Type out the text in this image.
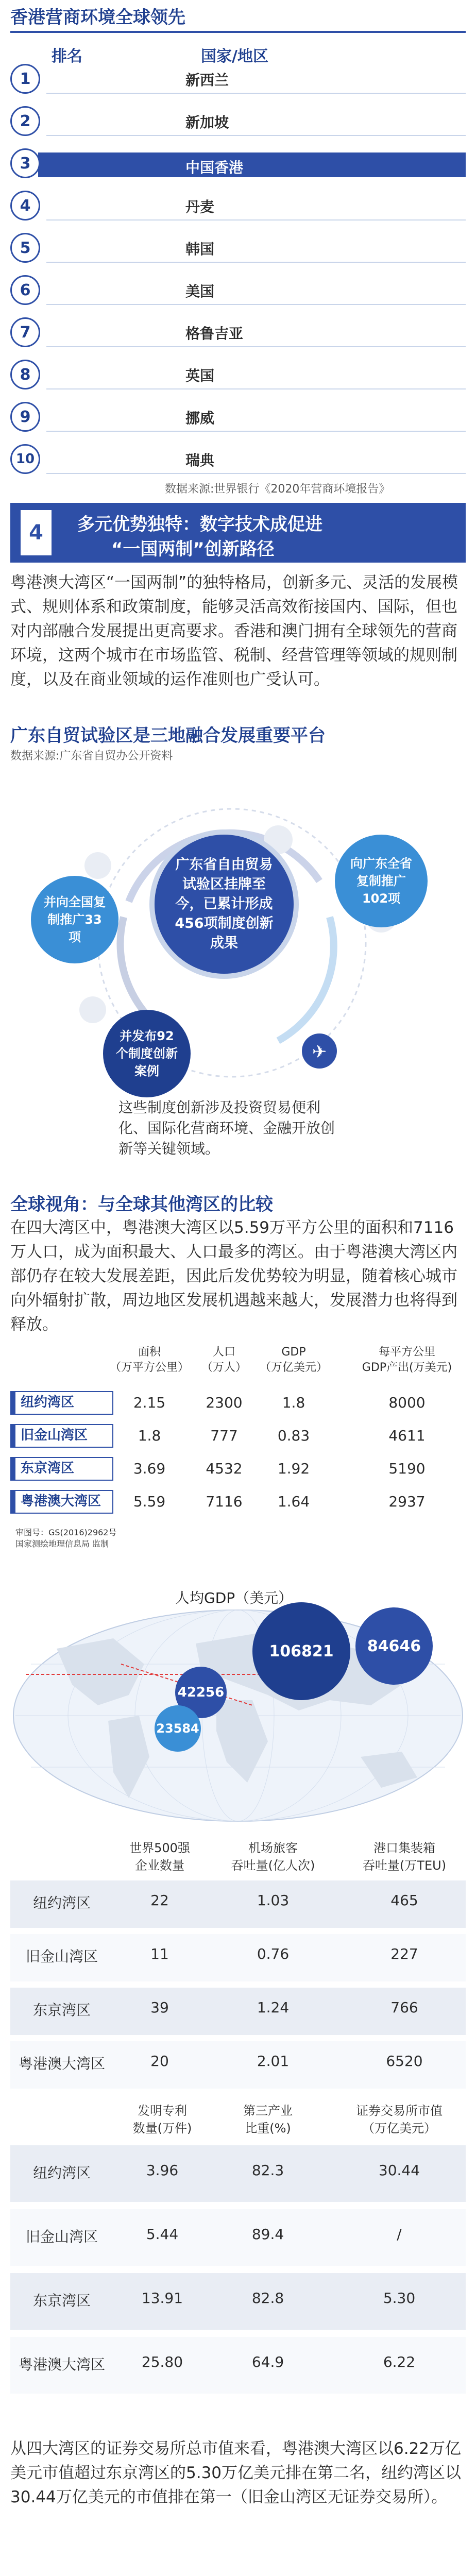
香港营商环境全球领先
排名	国家/地区
1	新西兰
2	新加坡
3	中国香港
4	丹麦
5	韩国
6	美国
7	格鲁吉亚
8	英国
9	挪威
10	瑞典
数据来源:世界银行《2020年营商环境报告》
4	多元优势独特：数字技术成促进
“一国两制”创新路径
粤港澳大湾区“一国两制”的独特格局，创新多元、灵活的发展模式、规则体系和政策制度，能够灵活高效衔接国内、国际，但也对内部融合发展提出更高要求。香港和澳门拥有全球领先的营商环境，这两个城市在市场监管、税制、经营管理等领域的规则制度，以及在商业领域的运作准则也广受认可。
广东自贸试验区是三地融合发展重要平台
数据来源:广东省自贸办公开资料
✈
广东省自由贸易试验区挂牌至今，已累计形成456项制度创新成果
并向全国复制推广33项
向广东全省复制推广102项
并发布92个制度创新案例
这些制度创新涉及投资贸易便利化、国际化营商环境、金融开放创新等关键领域。
全球视角：与全球其他湾区的比较
在四大湾区中，粤港澳大湾区以5.59万平方公里的面积和7116万人口，成为面积最大、人口最多的湾区。由于粤港澳大湾区内部仍存在较大发展差距，因此后发优势较为明显，随着核心城市向外辐射扩散，周边地区发展机遇越来越大，发展潜力也将得到释放。
面积
（万平方公里）
人口
（万人）
GDP
（万亿美元）
每平方公里
GDP产出(万美元)
纽约湾区	2.15	2300	1.8	8000
旧金山湾区	1.8	777	0.83	4611
东京湾区	3.69	4532	1.92	5190
粤港澳大湾区	5.59	7116	1.64	2937
审图号：GS(2016)2962号
国家测绘地理信息局 监制
人均GDP（美元）
42256
106821	84646
23584
世界500强
企业数量
机场旅客
吞吐量(亿人次)
港口集装箱
吞吐量(万TEU)
纽约湾区	22	1.03	465
旧金山湾区	11	0.76	227
东京湾区	39	1.24	766
粤港澳大湾区	20	2.01	6520
发明专利
数量(万件)
第三产业
比重(%)
证券交易所市值
（万亿美元）
纽约湾区	3.96	82.3	30.44
旧金山湾区	5.44	89.4	/
东京湾区	13.91	82.8	5.30
粤港澳大湾区	25.80	64.9	6.22
从四大湾区的证券交易所总市值来看，粤港澳大湾区以6.22万亿美元市值超过东京湾区的5.30万亿美元排在第二名，纽约湾区以30.44万亿美元的市值排在第一（旧金山湾区无证券交易所）。
